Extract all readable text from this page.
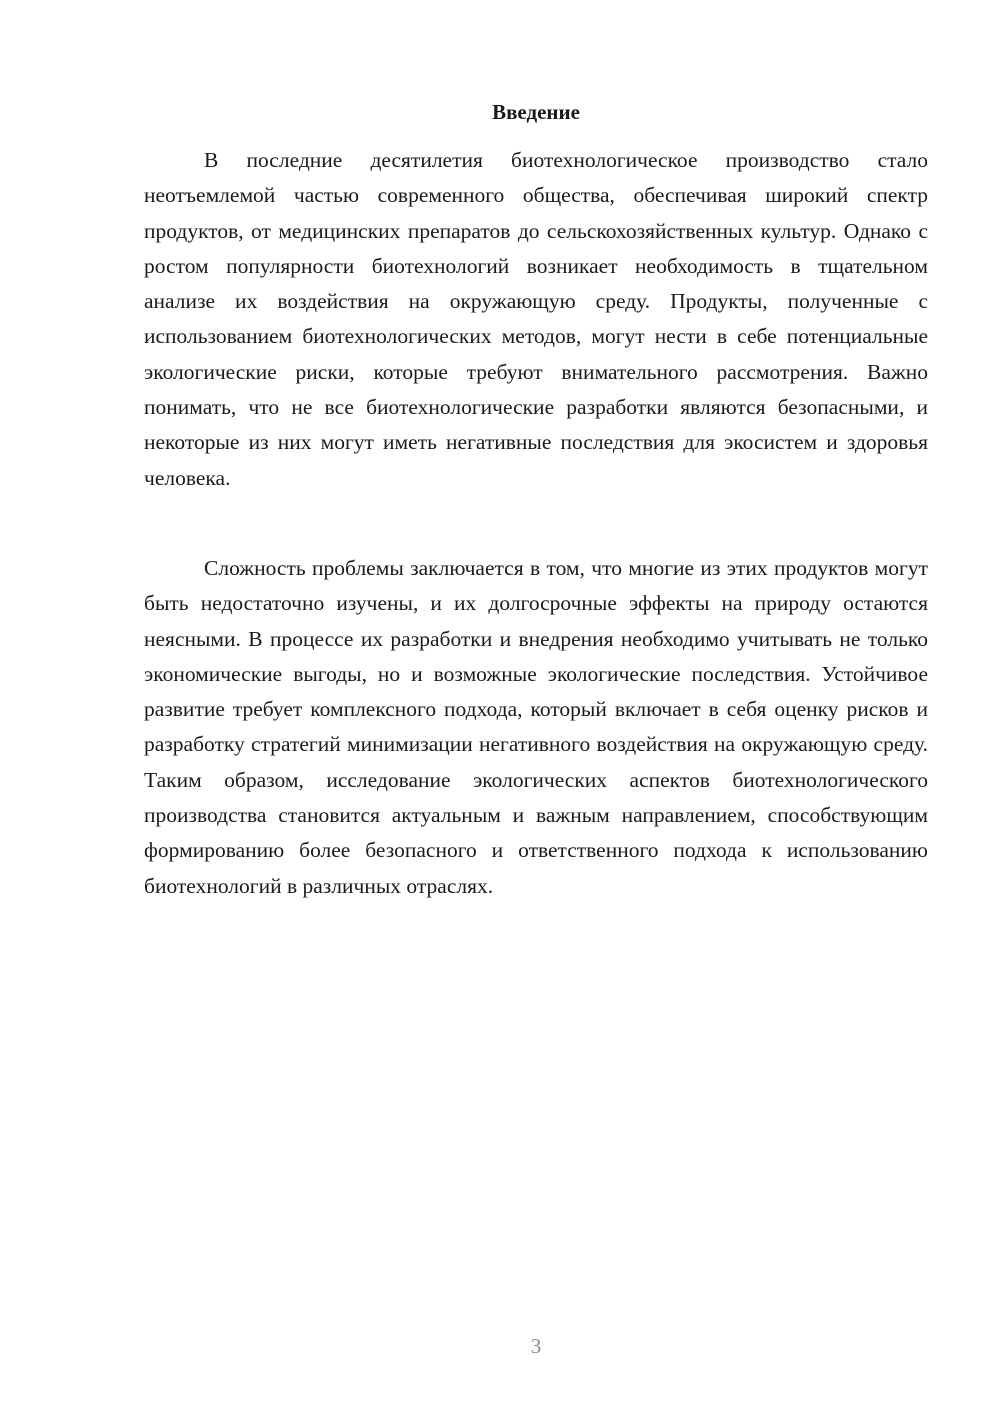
Введение

В последние десятилетия биотехнологическое производство стало неотъемлемой частью современного общества, обеспечивая широкий спектр продуктов, от медицинских препаратов до сельскохозяйственных культур. Однако с ростом популярности биотехнологий возникает необходимость в тщательном анализе их воздействия на окружающую среду. Продукты, полученные с использованием биотехнологических методов, могут нести в себе потенциальные экологические риски, которые требуют внимательного рассмотрения. Важно понимать, что не все биотехнологические разработки являются безопасными, и некоторые из них могут иметь негативные последствия для экосистем и здоровья человека.

Сложность проблемы заключается в том, что многие из этих продуктов могут быть недостаточно изучены, и их долгосрочные эффекты на природу остаются неясными. В процессе их разработки и внедрения необходимо учитывать не только экономические выгоды, но и возможные экологические последствия. Устойчивое развитие требует комплексного подхода, который включает в себя оценку рисков и разработку стратегий минимизации негативного воздействия на окружающую среду. Таким образом, исследование экологических аспектов биотехнологического производства становится актуальным и важным направлением, способствующим формированию более безопасного и ответственного подхода к использованию биотехнологий в различных отраслях.

3
